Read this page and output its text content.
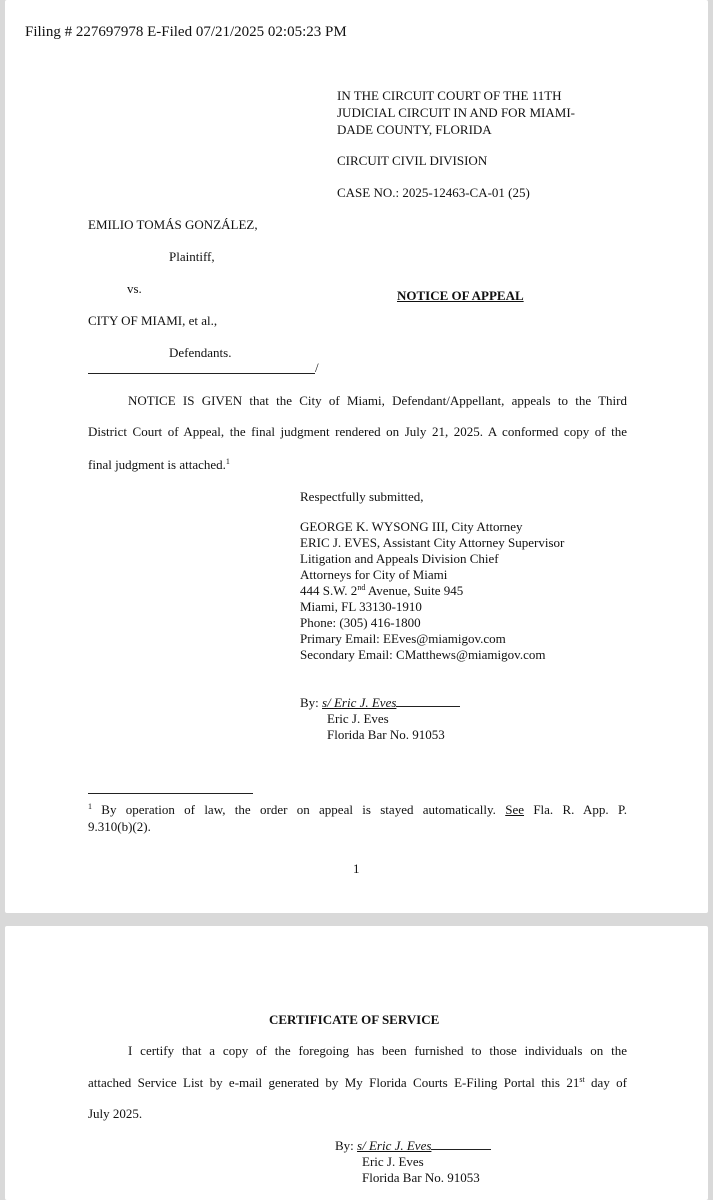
Filing # 227697978 E-Filed 07/21/2025 02:05:23 PM
IN THE CIRCUIT COURT OF THE 11TH
JUDICIAL CIRCUIT IN AND FOR MIAMI-
DADE COUNTY, FLORIDA
CIRCUIT CIVIL DIVISION
CASE NO.: 2025-12463-CA-01 (25)
EMILIO TOMÁS GONZÁLEZ,
Plaintiff,
vs.	NOTICE OF APPEAL
CITY OF MIAMI, et al.,
Defendants.
/
NOTICE IS GIVEN that the City of Miami, Defendant/Appellant, appeals to the Third
District Court of Appeal, the final judgment rendered on July 21, 2025. A conformed copy of the
final judgment is attached.$^1$
Respectfully submitted,
GEORGE K. WYSONG III, City Attorney
ERIC J. EVES, Assistant City Attorney Supervisor
Litigation and Appeals Division Chief
Attorneys for City of Miami
444 S.W. 2nd Avenue, Suite 945
Miami, FL 33130-1910
Phone: (305) 416-1800
Primary Email: EEves@miamigov.com
Secondary Email: CMatthews@miamigov.com
By: s/ Eric J. Eves
Eric J. Eves
Florida Bar No. 91053
$^1$ By operation of law, the order on appeal is stayed automatically. See Fla. R. App. P.
9.310(b)(2).
1
CERTIFICATE OF SERVICE
I certify that a copy of the foregoing has been furnished to those individuals on the
attached Service List by e-mail generated by My Florida Courts E-Filing Portal this 21st day of
July 2025.
By: s/ Eric J. Eves
Eric J. Eves
Florida Bar No. 91053
